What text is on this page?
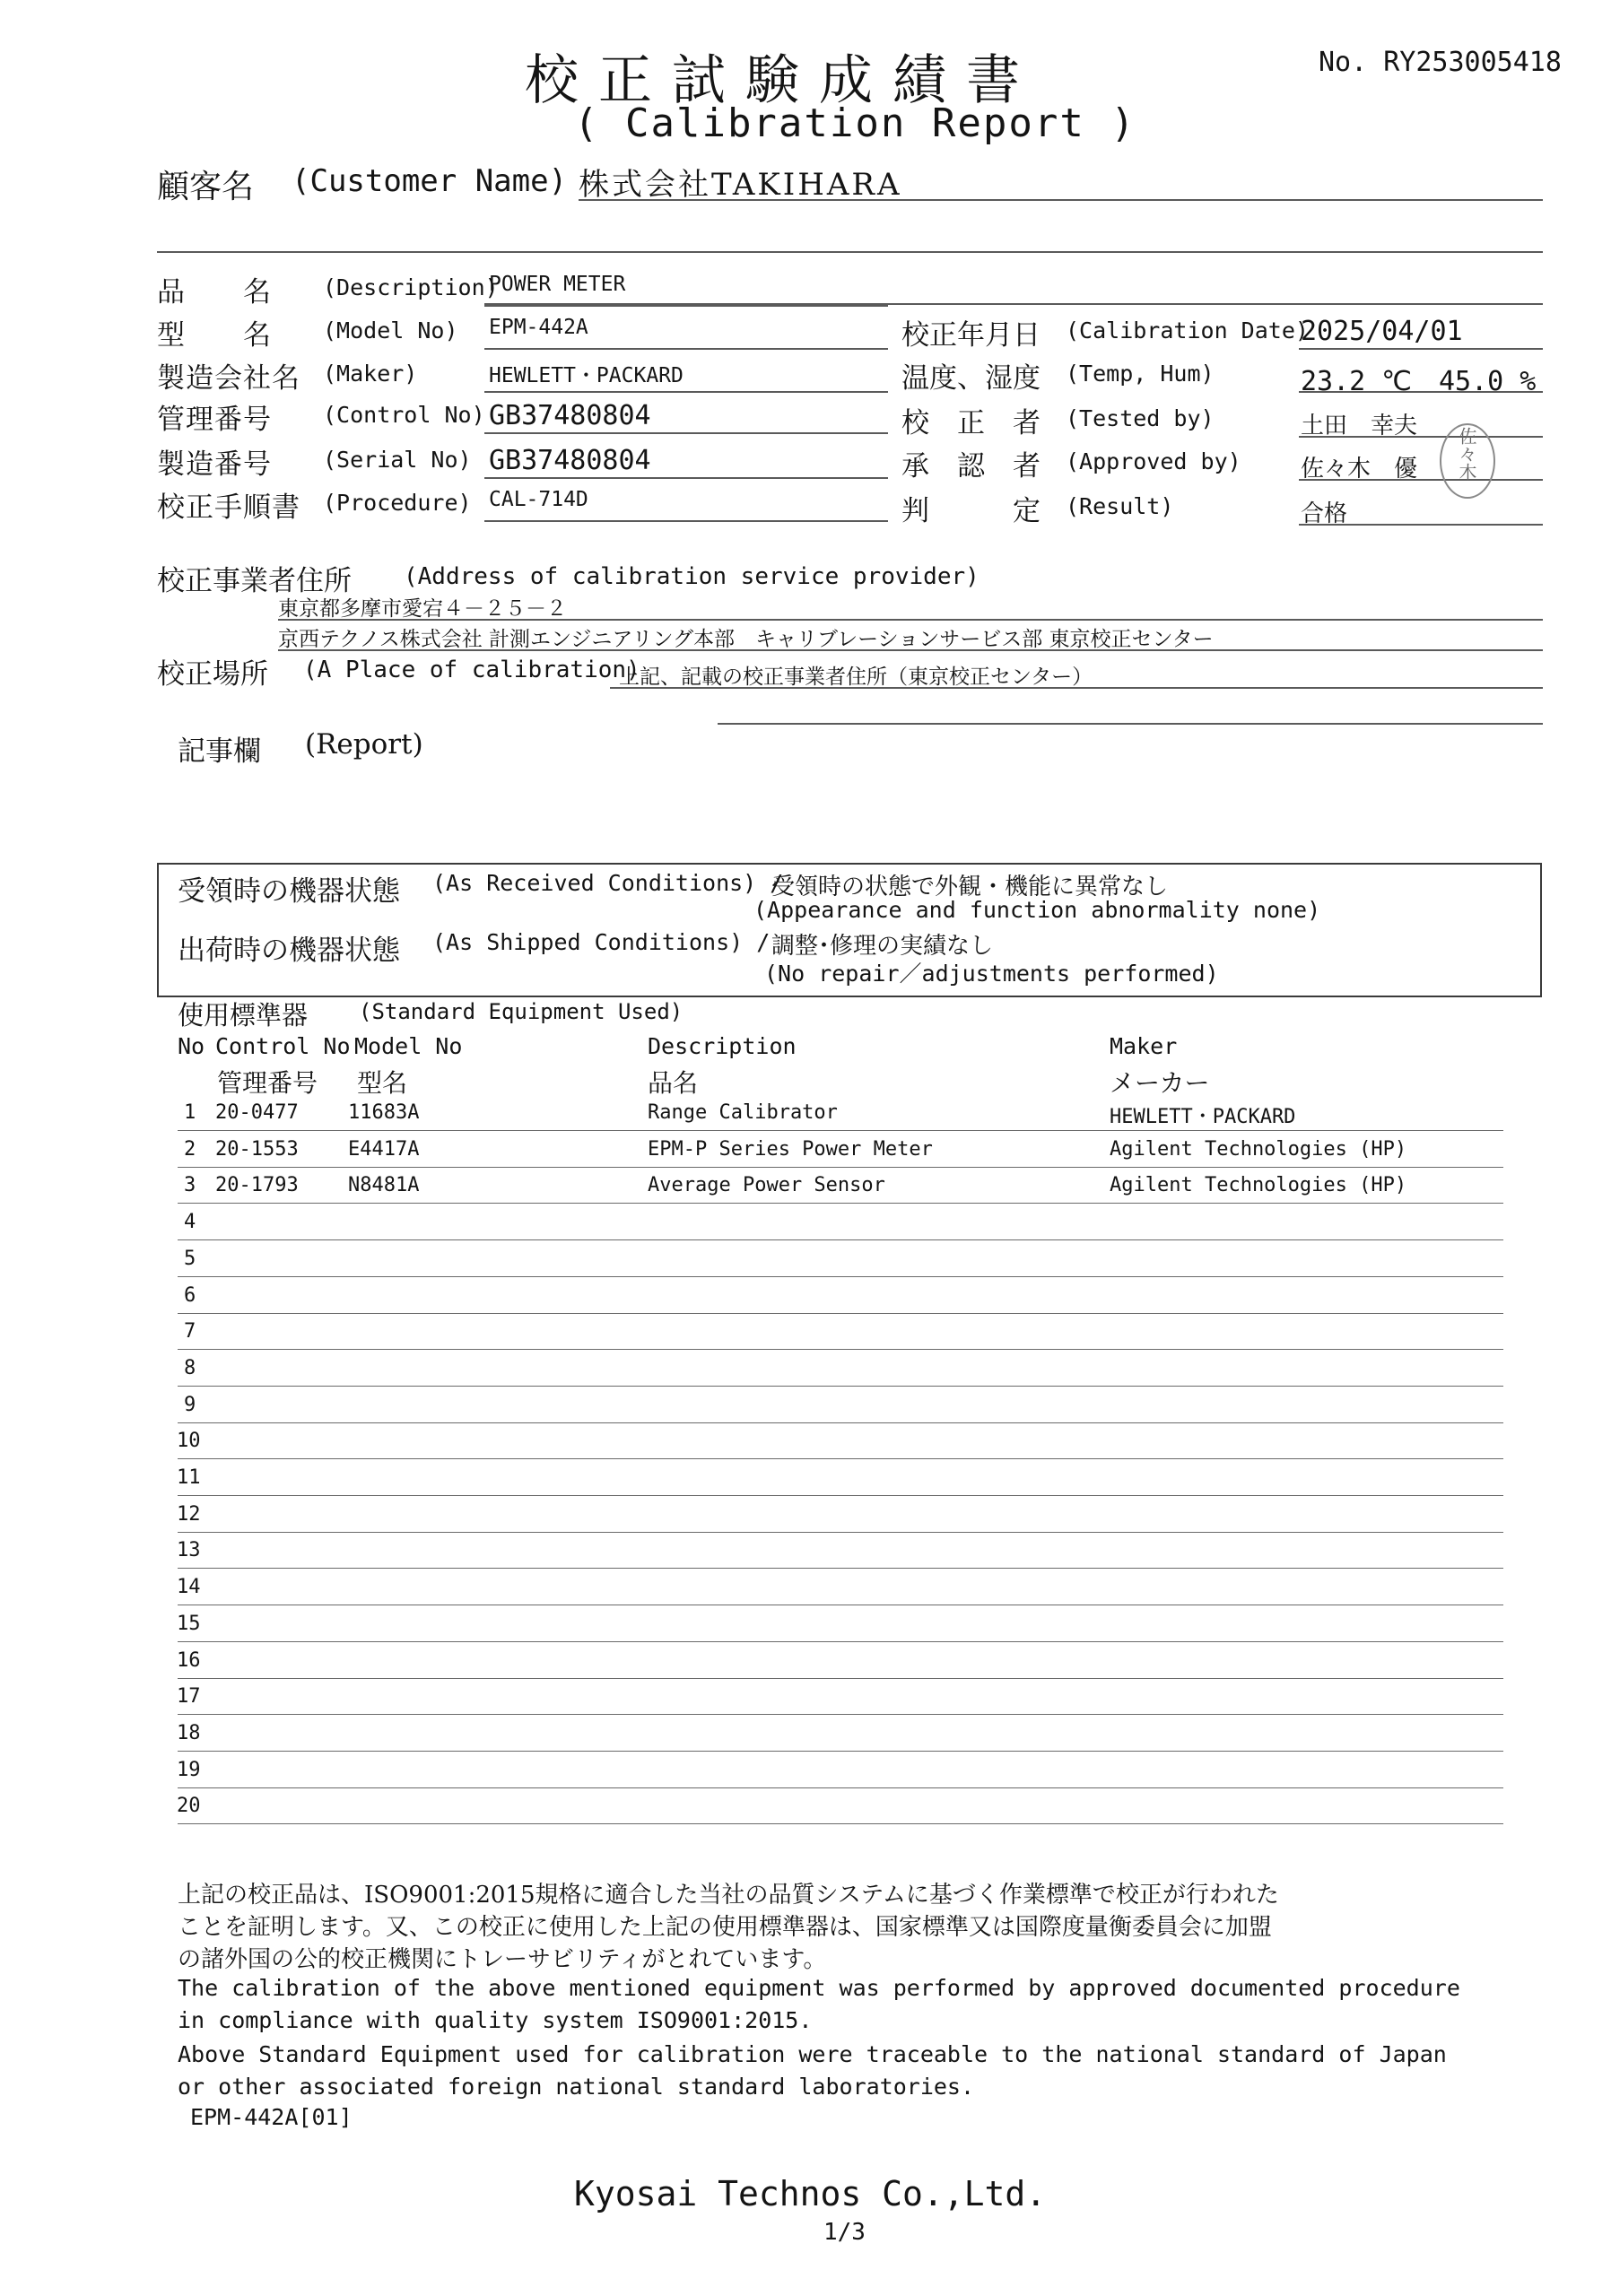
校正試験成績書
( Calibration Report )
No. RY253005418
顧客名 (Customer Name) 株式会社TAKIHARA
品　　名 (Description)
POWER METER
型　　名 (Model No) EPM-442A
製造会社名 (Maker)	HEWLETT・PACKARD
管理番号 (Control No) GB37480804
製造番号 (Serial No) GB37480804
校正手順書 (Procedure) CAL-714D
校正年月日 (Calibration Date)
2025/04/01
温度、湿度 (Temp, Hum)	23.2 ℃　45.0 %
校　正　者 (Tested by)	土田　幸夫
承　認　者 (Approved by)	佐々木　優
判　　　定 (Result)	合格
佐々木
校正事業者住所 (Address of calibration service provider)
東京都多摩市愛宕４－２５－２
京西テクノス株式会社 計測エンジニアリング本部　キャリブレーションサービス部 東京校正センター
校正場所 (A Place of calibration)
上記、記載の校正事業者住所（東京校正センター）
記事欄 (Report)
受領時の機器状態 (As Received Conditions) /
受領時の状態で外観・機能に異常なし
(Appearance and function abnormality none)
出荷時の機器状態 (As Shipped Conditions) / 調整･修理の実績なし
(No repair／adjustments performed)
使用標準器 (Standard Equipment Used)
No Control No Model No	Description	Maker
管理番号 型名	品名	メーカー
1 20-0477	11683A	Range Calibrator	HEWLETT・PACKARD
2 20-1553	E4417A	EPM-P Series Power Meter	Agilent Technologies (HP)
3 20-1793	N8481A	Average Power Sensor	Agilent Technologies (HP)
4
5
6
7
8
9
10
11
12
13
14
15
16
17
18
19
20
上記の校正品は、ISO9001:2015規格に適合した当社の品質システムに基づく作業標準で校正が行われた
ことを証明します。又、この校正に使用した上記の使用標準器は、国家標準又は国際度量衡委員会に加盟
の諸外国の公的校正機関にトレーサビリティがとれています。
The calibration of the above mentioned equipment was performed by approved documented procedure
in compliance with quality system ISO9001:2015.
Above Standard Equipment used for calibration were traceable to the national standard of Japan
or other associated foreign national standard laboratories.
EPM-442A[01]
Kyosai Technos Co.,Ltd.
1/3
